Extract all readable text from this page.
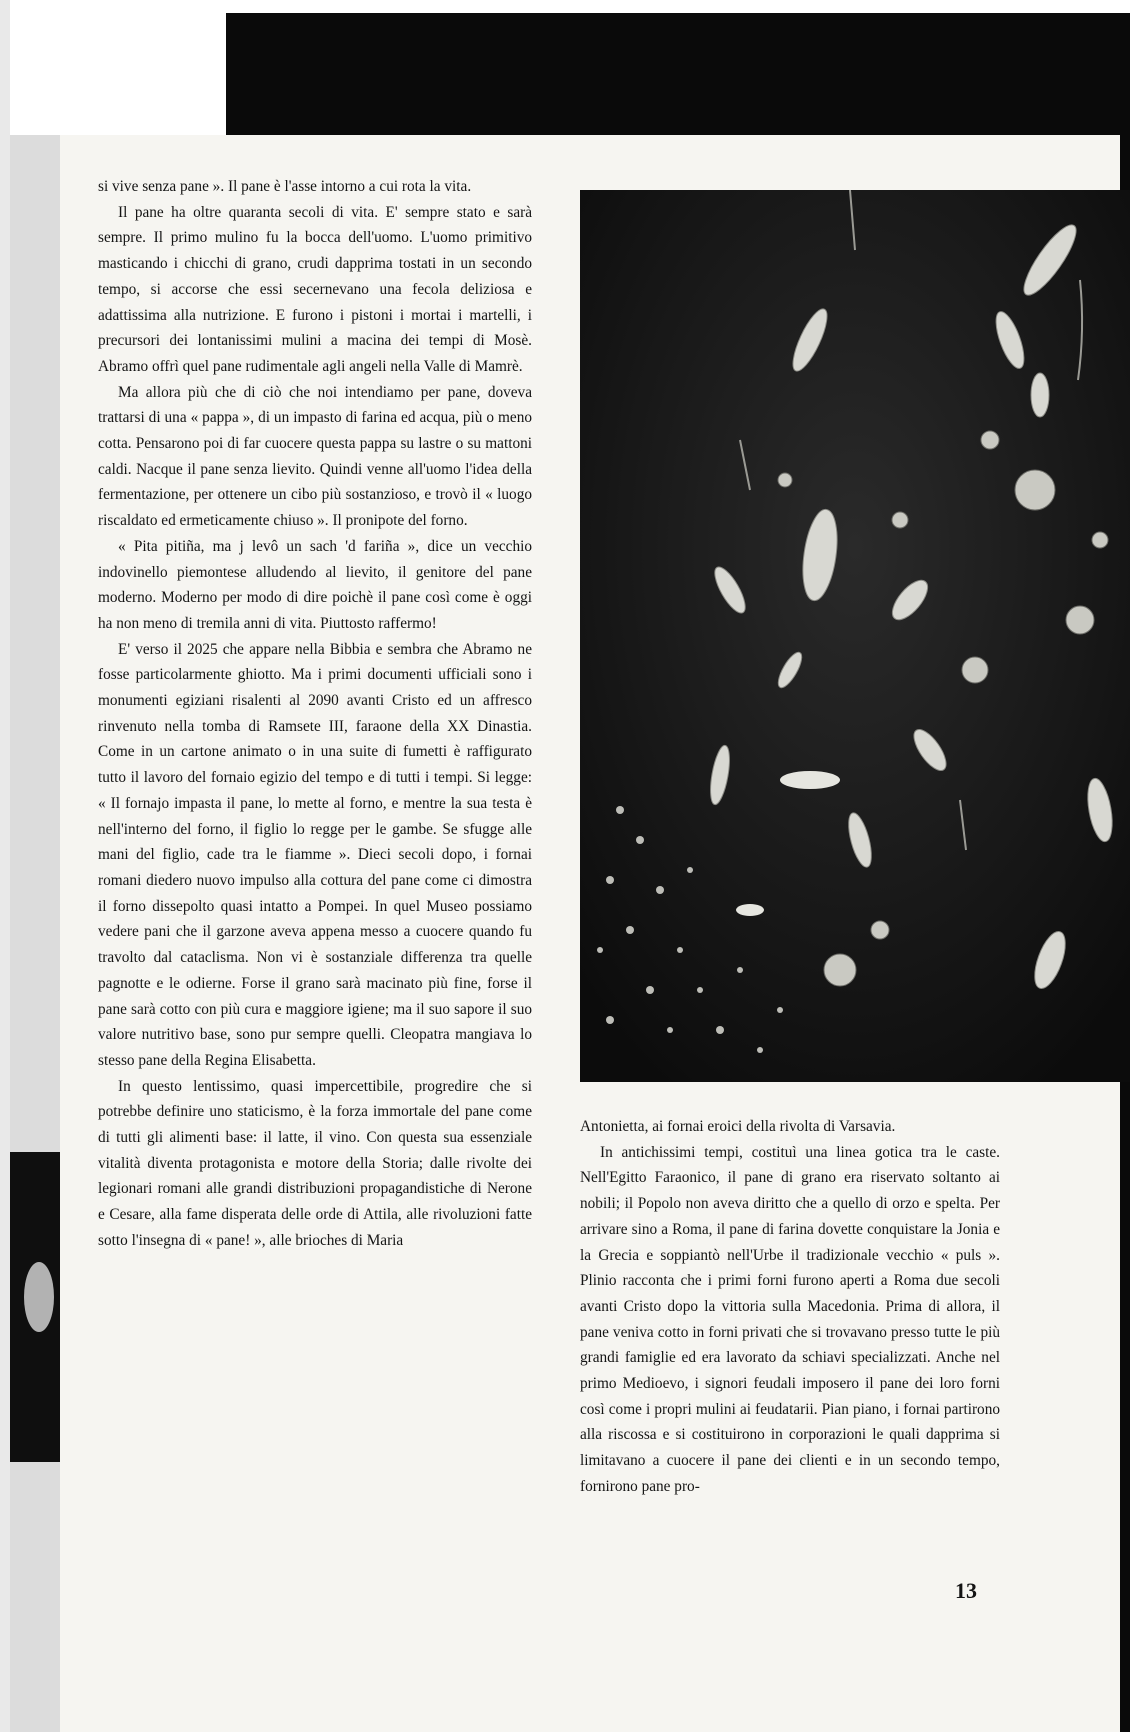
si vive senza pane ». Il pane è l'asse intorno a cui rota la vita.

Il pane ha oltre quaranta secoli di vita. E' sempre stato e sarà sempre. Il primo mulino fu la bocca dell'uomo. L'uomo primitivo masticando i chicchi di grano, crudi dapprima tostati in un secondo tempo, si accorse che essi secernevano una fecola deliziosa e adattissima alla nutrizione. E furono i pistoni i mortai i martelli, i precursori dei lontanissimi mulini a macina dei tempi di Mosè. Abramo offrì quel pane rudimentale agli angeli nella Valle di Mamrè.

Ma allora più che di ciò che noi intendiamo per pane, doveva trattarsi di una « pappa », di un impasto di farina ed acqua, più o meno cotta. Pensarono poi di far cuocere questa pappa su lastre o su mattoni caldi. Nacque il pane senza lievito. Quindi venne all'uomo l'idea della fermentazione, per ottenere un cibo più sostanzioso, e trovò il « luogo riscaldato ed ermeticamente chiuso ». Il pronipote del forno.

« Pita pitiña, ma j levô un sach 'd fariña », dice un vecchio indovinello piemontese alludendo al lievito, il genitore del pane moderno. Moderno per modo di dire poichè il pane così come è oggi ha non meno di tremila anni di vita. Piuttosto raffermo!

E' verso il 2025 che appare nella Bibbia e sembra che Abramo ne fosse particolarmente ghiotto. Ma i primi documenti ufficiali sono i monumenti egiziani risalenti al 2090 avanti Cristo ed un affresco rinvenuto nella tomba di Ramsete III, faraone della XX Dinastia. Come in un cartone animato o in una suite di fumetti è raffigurato tutto il lavoro del fornaio egizio del tempo e di tutti i tempi. Si legge: « Il fornajo impasta il pane, lo mette al forno, e mentre la sua testa è nell'interno del forno, il figlio lo regge per le gambe. Se sfugge alle mani del figlio, cade tra le fiamme ». Dieci secoli dopo, i fornai romani diedero nuovo impulso alla cottura del pane come ci dimostra il forno dissepolto quasi intatto a Pompei. In quel Museo possiamo vedere pani che il garzone aveva appena messo a cuocere quando fu travolto dal cataclisma. Non vi è sostanziale differenza tra quelle pagnotte e le odierne. Forse il grano sarà macinato più fine, forse il pane sarà cotto con più cura e maggiore igiene; ma il suo sapore il suo valore nutritivo base, sono pur sempre quelli. Cleopatra mangiava lo stesso pane della Regina Elisabetta.

In questo lentissimo, quasi impercettibile, progredire che si potrebbe definire uno staticismo, è la forza immortale del pane come di tutti gli alimenti base: il latte, il vino. Con questa sua essenziale vitalità diventa protagonista e motore della Storia; dalle rivolte dei legionari romani alle grandi distribuzioni propagandistiche di Nerone e Cesare, alla fame disperata delle orde di Attila, alle rivoluzioni fatte sotto l'insegna di « pane! », alle brioches di Maria

Antonietta, ai fornai eroici della rivolta di Varsavia.

In antichissimi tempi, costituì una linea gotica tra le caste. Nell'Egitto Faraonico, il pane di grano era riservato soltanto ai nobili; il Popolo non aveva diritto che a quello di orzo e spelta. Per arrivare sino a Roma, il pane di farina dovette conquistare la Jonia e la Grecia e soppiantò nell'Urbe il tradizionale vecchio « puls ». Plinio racconta che i primi forni furono aperti a Roma due secoli avanti Cristo dopo la vittoria sulla Macedonia. Prima di allora, il pane veniva cotto in forni privati che si trovavano presso tutte le più grandi famiglie ed era lavorato da schiavi specializzati. Anche nel primo Medioevo, i signori feudali imposero il pane dei loro forni così come i propri mulini ai feudatarii. Pian piano, i fornai partirono alla riscossa e si costituirono in corporazioni le quali dapprima si limitavano a cuocere il pane dei clienti e in un secondo tempo, fornirono pane pro-

13
